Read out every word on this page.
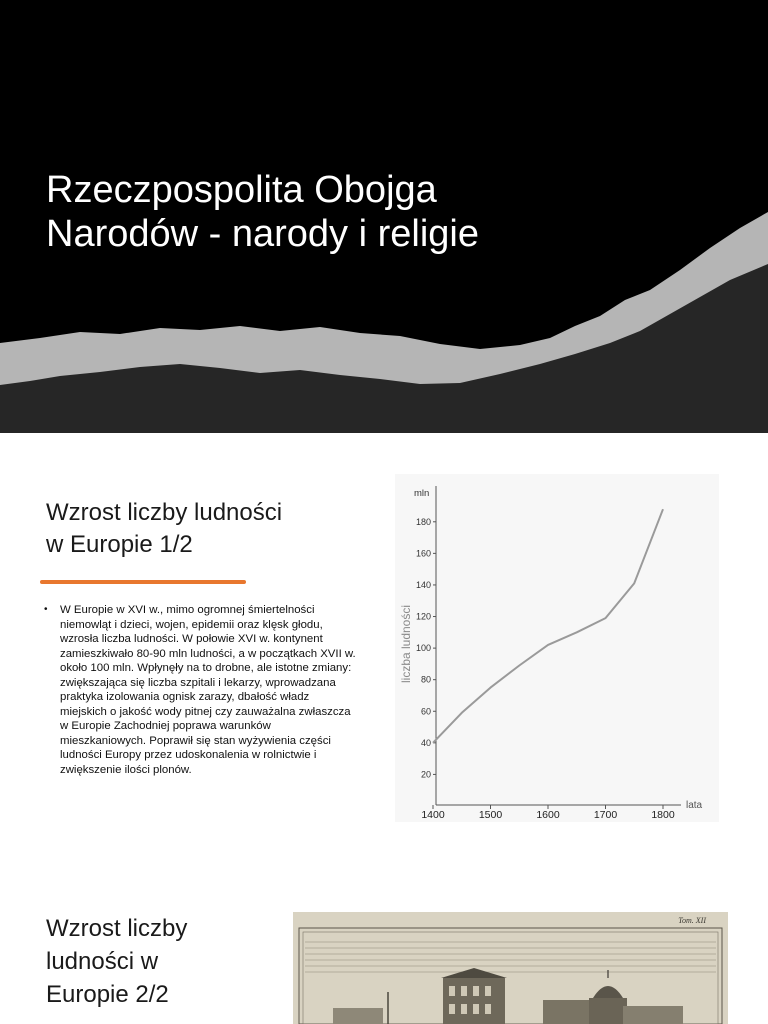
Rzeczpospolita Obojga
Narodów - narody i religie
Wzrost liczby ludności
w Europie 1/2
• W Europie w XVI w., mimo ogromnej śmiertelności niemowląt i dzieci, wojen, epidemii oraz klęsk głodu, wzrosła liczba ludności. W połowie XVI w. kontynent zamieszkiwało 80-90 mln ludności, a w początkach XVII w. około 100 mln. Wpłynęły na to drobne, ale istotne zmiany: zwiększająca się liczba szpitali i lekarzy, wprowadzana praktyka izolowania ognisk zarazy, dbałość władz miejskich o jakość wody pitnej czy zauważalna zwłaszcza w Europie Zachodniej poprawa warunków mieszkaniowych. Poprawił się stan wyżywienia części ludności Europy przez udoskonalenia w rolnictwie i zwiększenie ilości plonów.
mln
lata
liczba ludności
20
40
60
80
100
120
140
160
180
1400	1500	1600	1700	1800
Wzrost liczby
ludności w
Europie 2/2
Tom. XII
